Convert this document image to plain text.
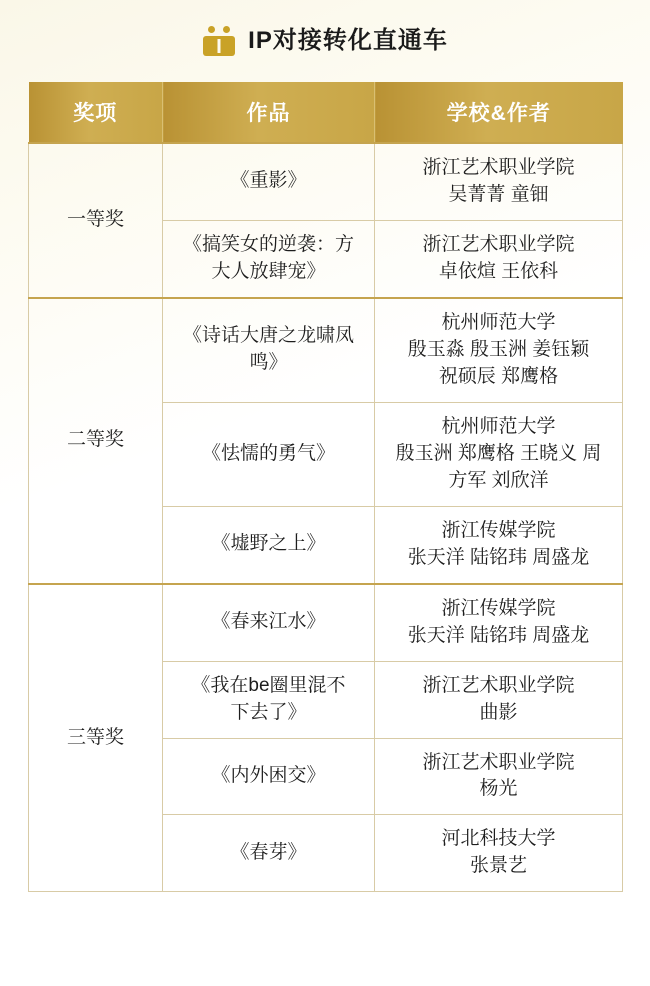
IP对接转化直通车
奖项	作品	学校&作者
一等奖	《重影》	浙江艺术职业学院
吴菁菁 童钿

	《搞笑女的逆袭：方
大人放肆宠》	浙江艺术职业学院
卓依煊 王依科

二等奖	《诗话大唐之龙啸凤
鸣》	杭州师范大学
殷玉淼 殷玉洲 姜钰颖
祝硕辰 郑鹰格

	《怯懦的勇气》	杭州师范大学
殷玉洲 郑鹰格 王晓义 周
方军 刘欣洋

	《墟野之上》	浙江传媒学院
张天洋 陆铭玮 周盛龙

三等奖	《春来江水》	浙江传媒学院
张天洋 陆铭玮 周盛龙

	《我在be圈里混不
下去了》	浙江艺术职业学院
曲影

	《内外困交》	浙江艺术职业学院
杨光

	《春芽》	河北科技大学
张景艺
